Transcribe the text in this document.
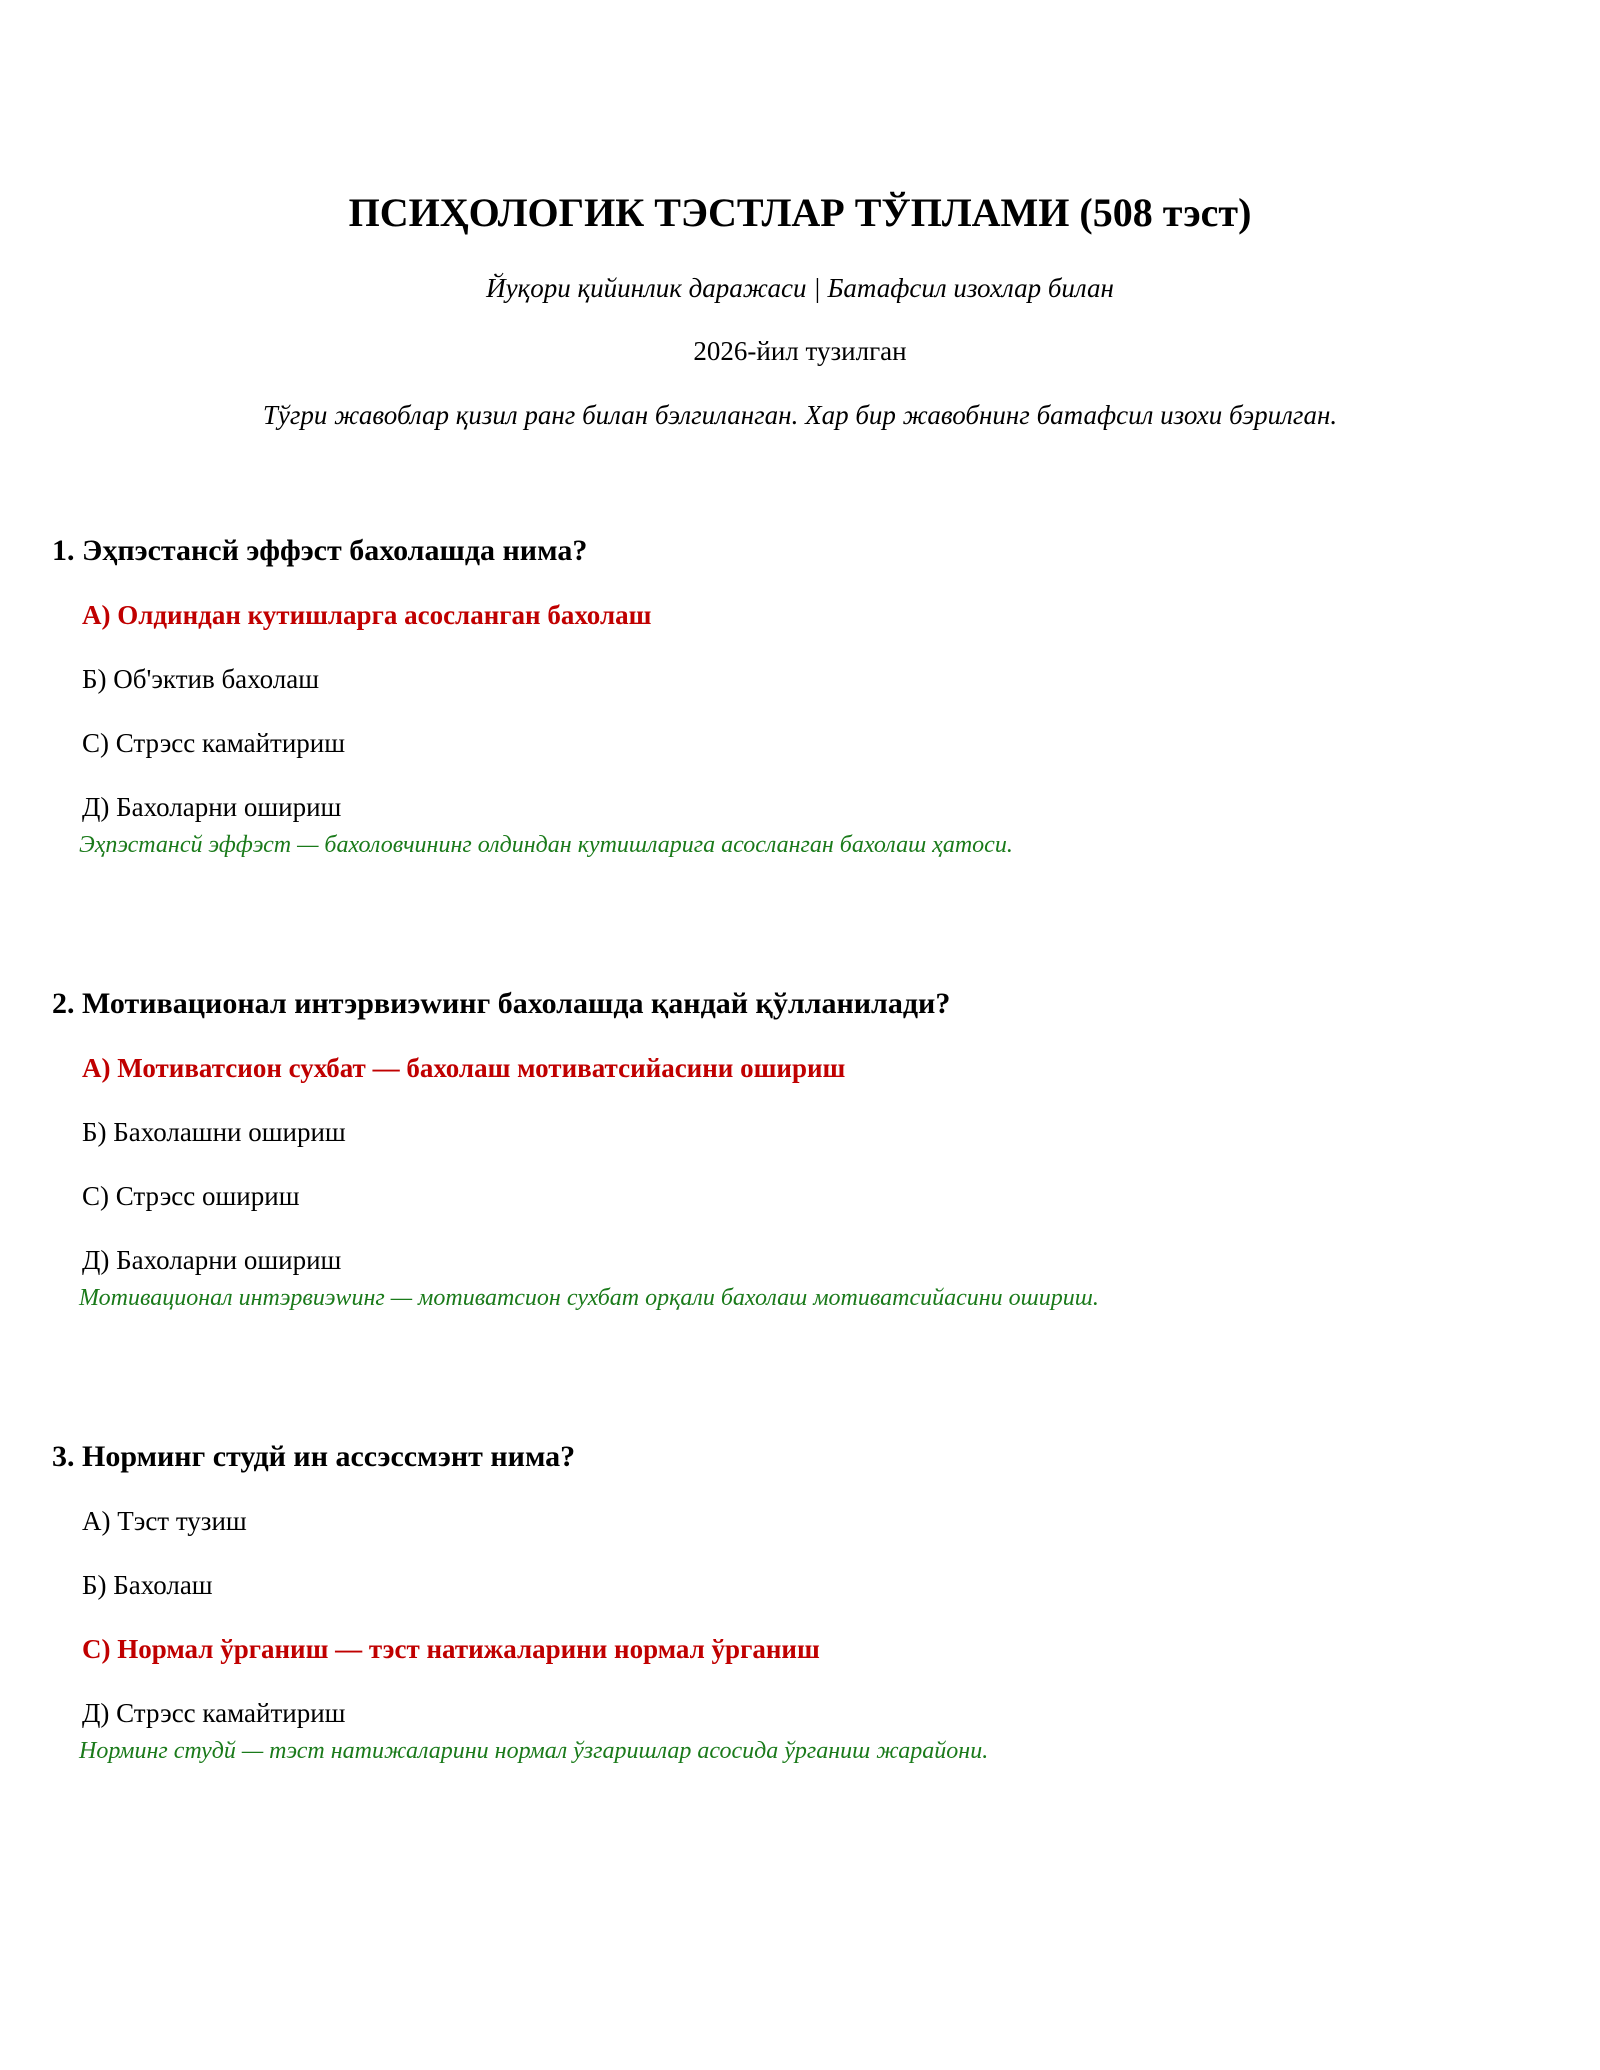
ПСИҲОЛОГИК ТЭСТЛАР ТЎПЛАМИ (508 тэст)
Йуқори қийинлик даражаси | Батафсил изохлар билан
2026-йил тузилган
Тўгри жавоблар қизил ранг билан бэлгиланган. Хар бир жавобнинг батафсил изохи бэрилган.
1. Эҳпэстансй эффэст бахолашда нима?
А) Олдиндан кутишларга асосланган бахолаш
Б) Об'эктив бахолаш
С) Стрэсс камайтириш
Д) Бахоларни ошириш
Эҳпэстансй эффэст — бахоловчининг олдиндан кутишларига асосланган бахолаш ҳатоси.
2. Мотивационал интэрвиэwинг бахолашда қандай қўлланилади?
А) Мотиватсион сухбат — бахолаш мотиватсийасини ошириш
Б) Бахолашни ошириш
С) Стрэсс ошириш
Д) Бахоларни ошириш
Мотивационал интэрвиэwинг — мотиватсион сухбат орқали бахолаш мотиватсийасини ошириш.
3. Норминг студй ин ассэссмэнт нима?
А) Тэст тузиш
Б) Бахолаш
С) Нормал ўрганиш — тэст натижаларини нормал ўрганиш
Д) Стрэсс камайтириш
Норминг студй — тэст натижаларини нормал ўзгаришлар асосида ўрганиш жарайони.
